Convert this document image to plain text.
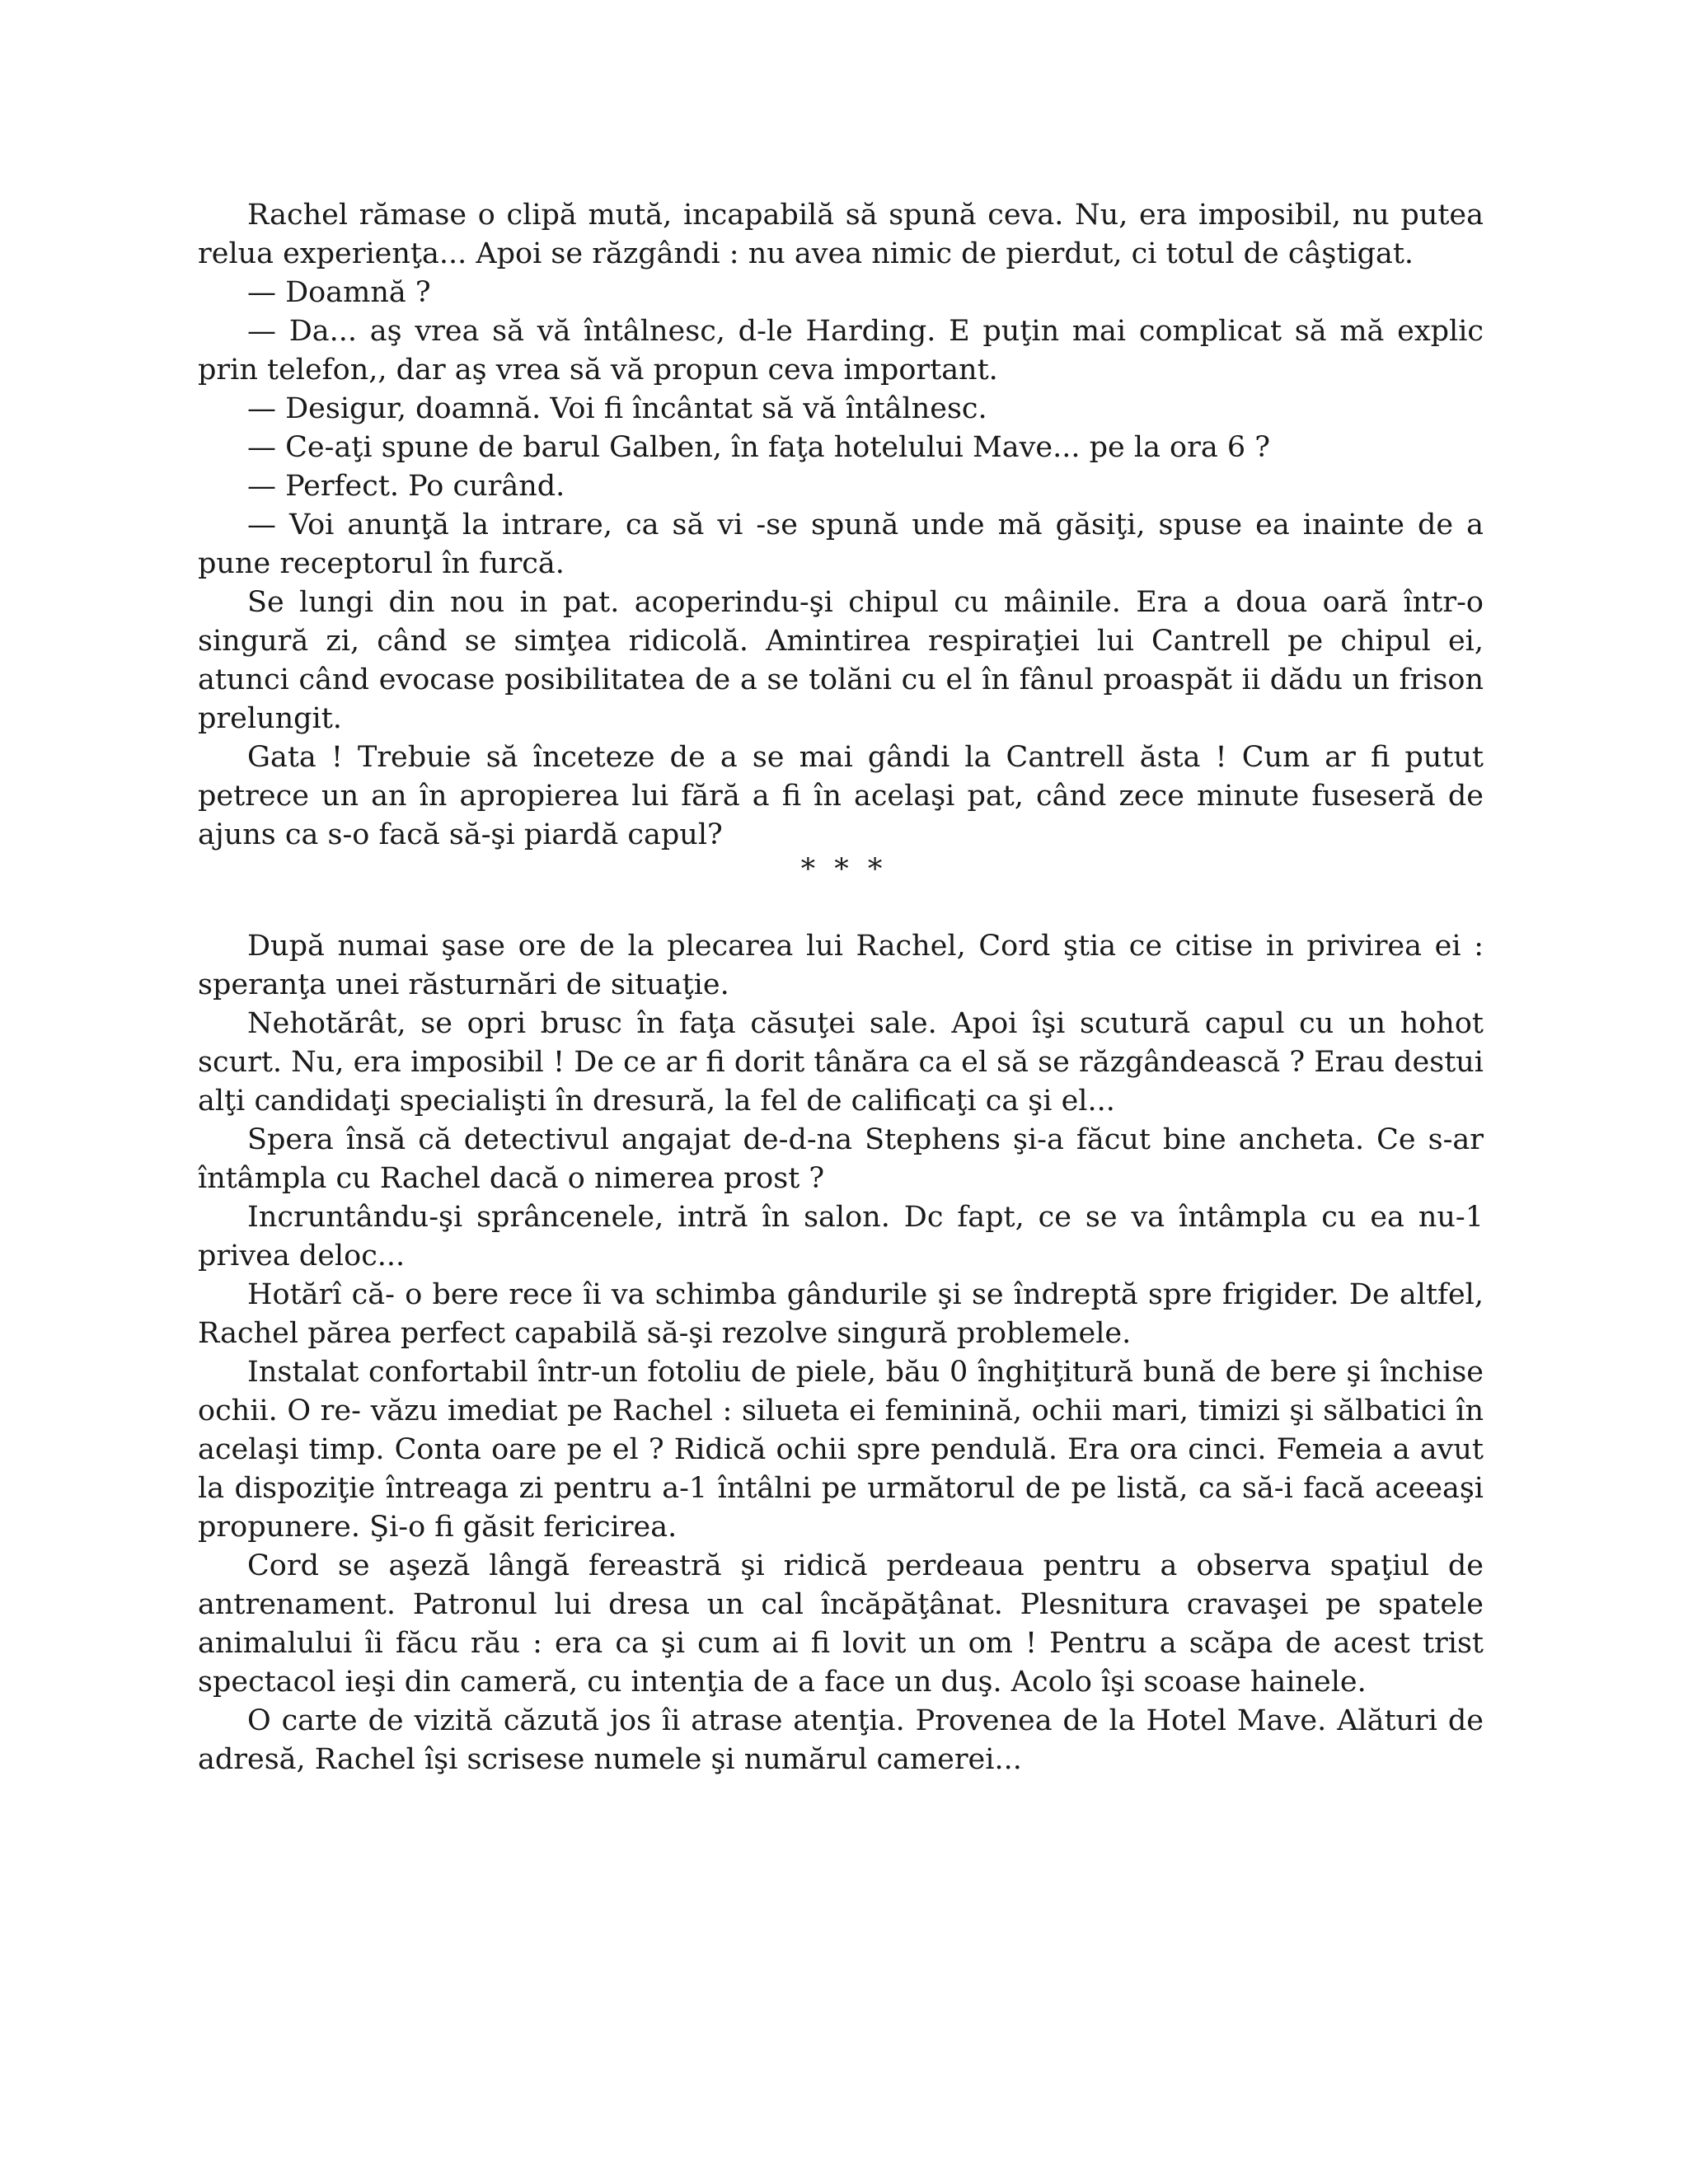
Rachel rămase o clipă mută, incapabilă să spună ceva. Nu, era imposibil, nu putea relua experienţa... Apoi se răzgândi : nu avea nimic de pierdut, ci totul de câştigat.

— Doamnă ?

— Da... aş vrea să vă întâlnesc, d-le Harding. E puţin mai complicat să mă explic prin telefon,, dar aş vrea să vă propun ceva important.

— Desigur, doamnă. Voi fi încântat să vă întâlnesc.

— Ce-aţi spune de barul Galben, în faţa hotelului Mave... pe la ora 6 ?

— Perfect. Po curând.

— Voi anunţă la intrare, ca să vi -se spună unde mă găsiţi, spuse ea inainte de a pune receptorul în furcă.

Se lungi din nou in pat. acoperindu-şi chipul cu mâinile. Era a doua oară într-o singură zi, când se simţea ridicolă. Amintirea respiraţiei lui Cantrell pe chipul ei, atunci când evocase posibilitatea de a se tolăni cu el în fânul proaspăt ii dădu un frison prelungit.

Gata ! Trebuie să înceteze de a se mai gândi la Cantrell ăsta ! Cum ar fi putut petrece un an în apropierea lui fără a fi în acelaşi pat, când zece minute fuseseră de ajuns ca s-o facă să-şi piardă capul?

* * *

După numai şase ore de la plecarea lui Rachel, Cord ştia ce citise in privirea ei : speranţa unei răsturnări de situaţie.

Nehotărât, se opri brusc în faţa căsuţei sale. Apoi îşi scutură capul cu un hohot scurt. Nu, era imposibil ! De ce ar fi dorit tânăra ca el să se răzgândească ? Erau destui alţi candidaţi specialişti în dresură, la fel de calificaţi ca şi el...

Spera însă că detectivul angajat de-d-na Stephens şi-a făcut bine ancheta. Ce s-ar întâmpla cu Rachel dacă o nimerea prost ?

Incruntându-şi sprâncenele, intră în salon. Dc fapt, ce se va întâmpla cu ea nu-1 privea deloc...

Hotărî că- o bere rece îi va schimba gândurile şi se îndreptă spre frigider. De altfel, Rachel părea perfect capabilă să-şi rezolve singură problemele.

Instalat confortabil într-un fotoliu de piele, bău 0 înghiţitură bună de bere şi închise ochii. O re- văzu imediat pe Rachel : silueta ei feminină, ochii mari, timizi şi sălbatici în acelaşi timp. Conta oare pe el ? Ridică ochii spre pendulă. Era ora cinci. Femeia a avut la dispoziţie întreaga zi pentru a-1 întâlni pe următorul de pe listă, ca să-i facă aceeaşi propunere. Şi-o fi găsit fericirea.

Cord se aşeză lângă fereastră şi ridică perdeaua pentru a observa spaţiul de antrenament. Patronul lui dresa un cal încăpăţânat. Plesnitura cravaşei pe spatele animalului îi făcu rău : era ca şi cum ai fi lovit un om ! Pentru a scăpa de acest trist spectacol ieşi din cameră, cu intenţia de a face un duş. Acolo îşi scoase hainele.

O carte de vizită căzută jos îi atrase atenţia. Provenea de la Hotel Mave. Alături de adresă, Rachel îşi scrisese numele şi numărul camerei...
